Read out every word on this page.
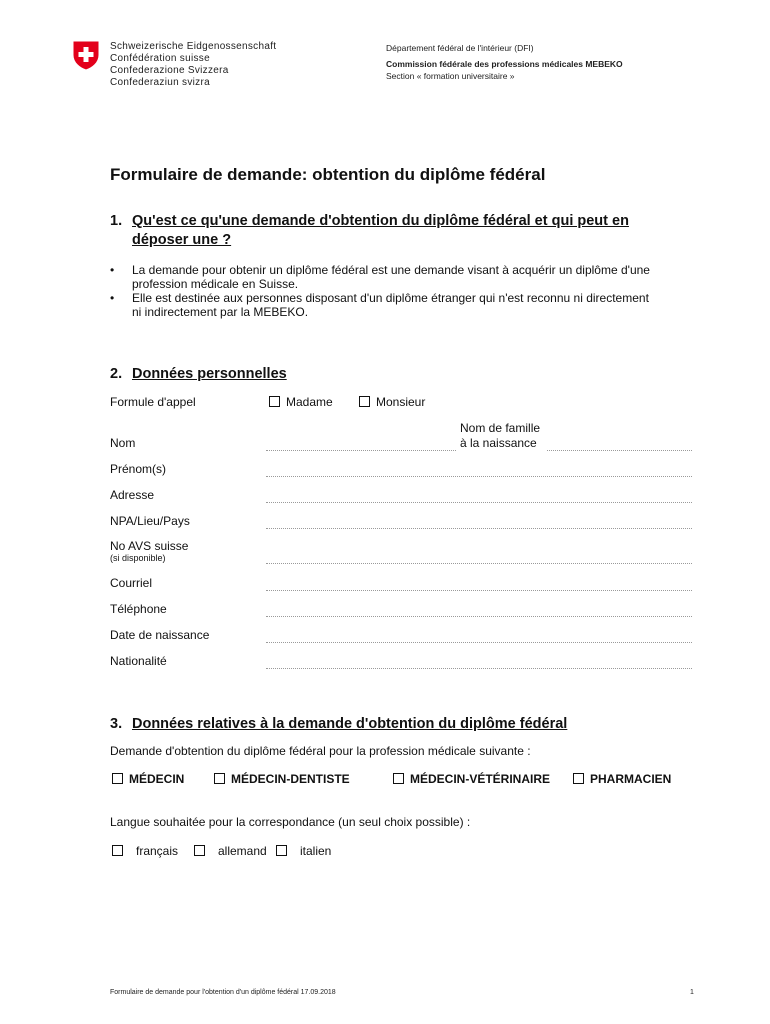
Schweizerische Eidgenossenschaft
Confédération suisse
Confederazione Svizzera
Confederaziun svizra
Département fédéral de l'intérieur (DFI)
Commission fédérale des professions médicales MEBEKO
Section « formation universitaire »
Formulaire de demande: obtention du diplôme fédéral
1. Qu'est ce qu'une demande d'obtention du diplôme fédéral et qui peut en
déposer une ?
• La demande pour obtenir un diplôme fédéral est une demande visant à acquérir un diplôme d'une
profession médicale en Suisse.
• Elle est destinée aux personnes disposant d'un diplôme étranger qui n'est reconnu ni directement
ni indirectement par la MEBEKO.
2. Données personnelles
Formule d'appel	Madame	Monsieur
Nom de famille
à la naissance
Nom
Prénom(s)
Adresse
NPA/Lieu/Pays
No AVS suisse
(si disponible)
Courriel
Téléphone
Date de naissance
Nationalité
3. Données relatives à la demande d'obtention du diplôme fédéral
Demande d'obtention du diplôme fédéral pour la profession médicale suivante :
MÉDECIN	MÉDECIN-DENTISTE	MÉDECIN-VÉTÉRINAIRE	PHARMACIEN
Langue souhaitée pour la correspondance (un seul choix possible) :
français	allemand	italien
Formulaire de demande pour l'obtention d'un diplôme fédéral 17.09.2018	1
